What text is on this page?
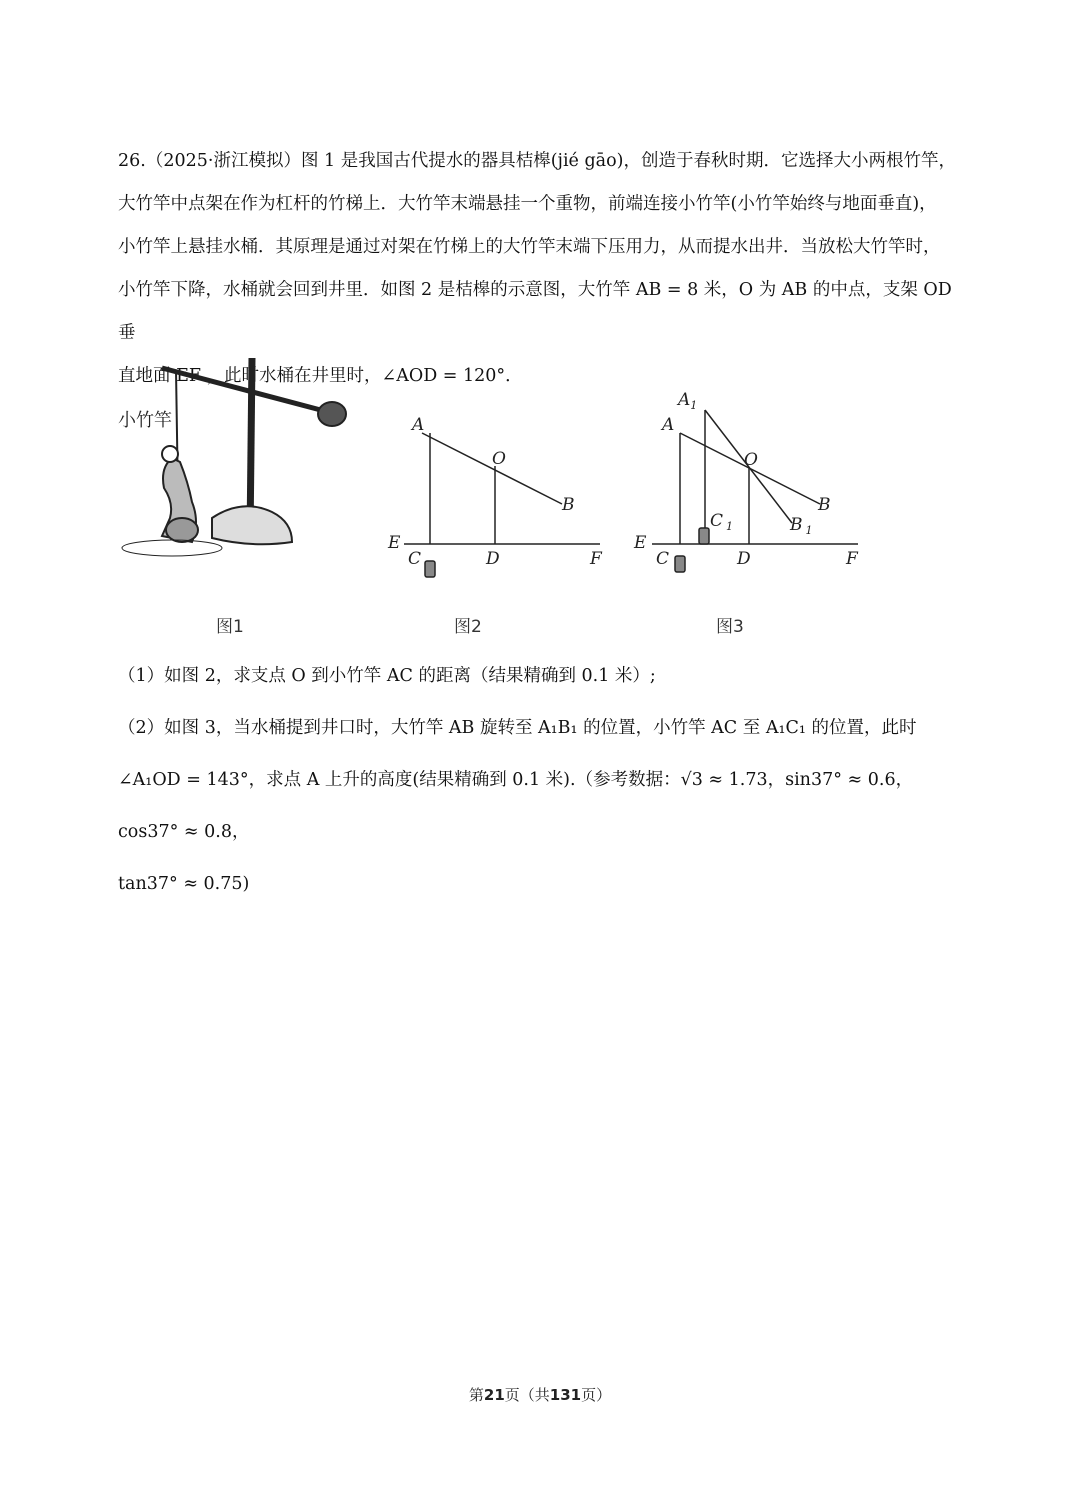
26.（2025·浙江模拟）图 1 是我国古代提水的器具桔槔(jié gāo)，创造于春秋时期．它选择大小两根竹竿，

大竹竿中点架在作为杠杆的竹梯上．大竹竿末端悬挂一个重物，前端连接小竹竿(小竹竿始终与地面垂直)，

小竹竿上悬挂水桶．其原理是通过对架在竹梯上的大竹竿末端下压用力，从而提水出井．当放松大竹竿时，

小竹竿下降，水桶就会回到井里．如图 2 是桔槔的示意图，大竹竿 AB = 8 米，O 为 AB 的中点，支架 OD 垂

直地面 EF ，此时水桶在井里时，∠AOD = 120°．

小竹竿	A
O
B
E
C	D	F
$A_1$
A
O
B
C $_1$	B $_1$
E
C	D	F
图1	图2	图3

（1）如图 2，求支点 O 到小竹竿 AC 的距离（结果精确到 0.1 米）;

（2）如图 3，当水桶提到井口时，大竹竿 AB 旋转至 A₁B₁ 的位置，小竹竿 AC 至 A₁C₁ 的位置，此时

∠A₁OD = 143°，求点 A 上升的高度(结果精确到 0.1 米).（参考数据：√3 ≈ 1.73，sin37° ≈ 0.6，cos37° ≈ 0.8，

tan37° ≈ 0.75)

第21页（共131页）
